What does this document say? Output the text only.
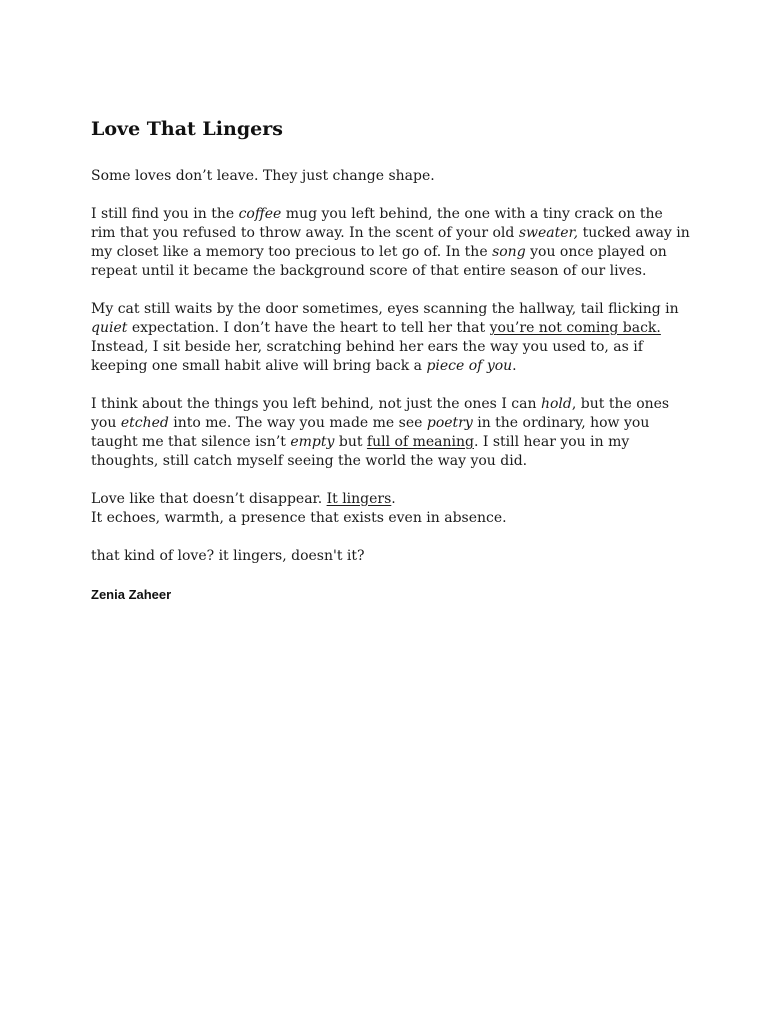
Love That Lingers

Some loves don’t leave. They just change shape.

I still find you in the coffee mug you left behind, the one with a tiny crack on the rim that you refused to throw away. In the scent of your old sweater, tucked away in my closet like a memory too precious to let go of. In the song you once played on repeat until it became the background score of that entire season of our lives.

My cat still waits by the door sometimes, eyes scanning the hallway, tail flicking in quiet expectation. I don’t have the heart to tell her that you’re not coming back. Instead, I sit beside her, scratching behind her ears the way you used to, as if keeping one small habit alive will bring back a piece of you.

I think about the things you left behind, not just the ones I can hold, but the ones you etched into me. The way you made me see poetry in the ordinary, how you taught me that silence isn’t empty but full of meaning. I still hear you in my thoughts, still catch myself seeing the world the way you did.

Love like that doesn’t disappear. It lingers.
It echoes, warmth, a presence that exists even in absence.

that kind of love? it lingers, doesn't it?

Zenia Zaheer
